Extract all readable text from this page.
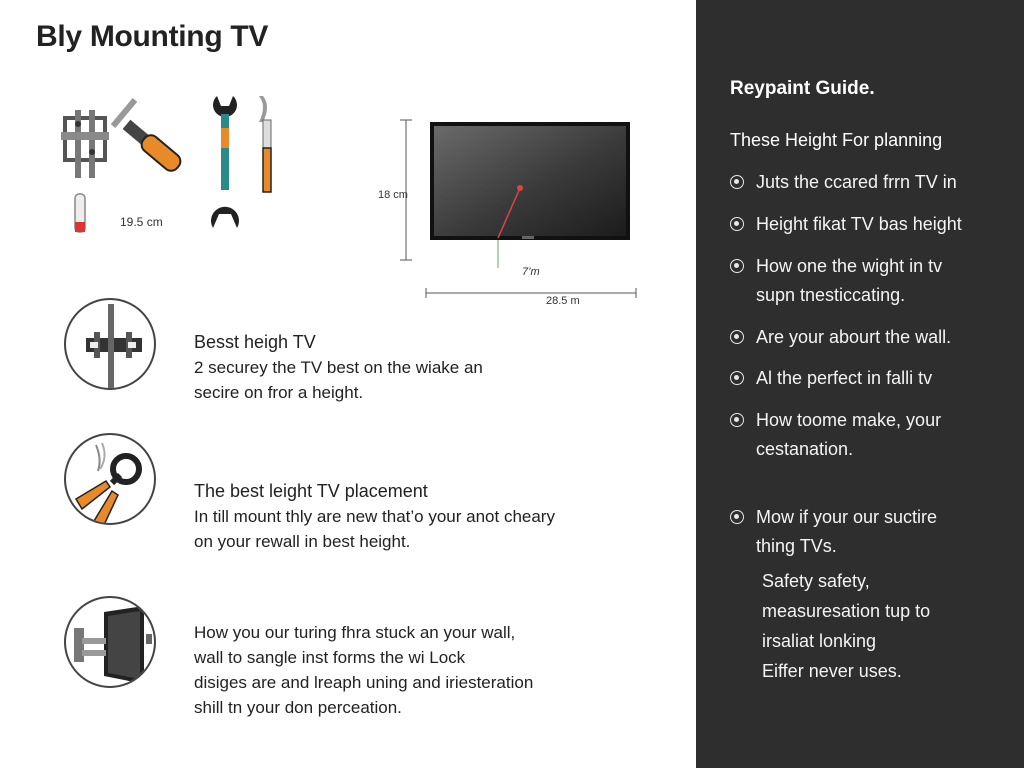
Bly Mounting TV
19.5 cm
18 cm
7’m
28.5 m
Besst heigh TV
2 securey the TV best on the wiake an
secire on fror a height.
The best leight TV placement
In till mount thly are new that’o your anot cheary
on your rewall in best height.
How you our turing fhra stuck an your wall,
wall to sangle inst forms the wi Lock
disiges are and lreaph uning and iriesteration
shill tn your don perceation.
Reypaint Guide.
These Height For planning
Juts the ccared frrn TV in
Height fikat TV bas height
How one the wight in tv
supn tnesticcating.
Are your abourt the wall.
Al the perfect in falli tv
How toome make, your
cestanation.
Mow if your our suctire
thing TVs.
Safety safety,
measuresation tup to
irsaliat lonking
Eiffer never uses.
